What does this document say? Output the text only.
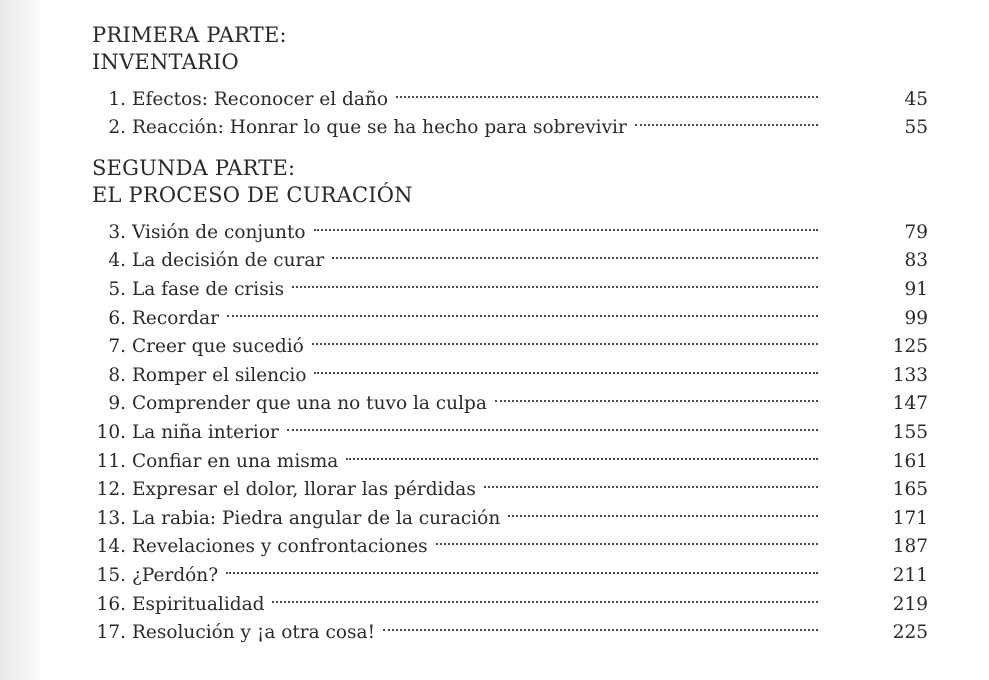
PRIMERA PARTE:
INVENTARIO
1. Efectos: Reconocer el daño	45
2. Reacción: Honrar lo que se ha hecho para sobrevivir	55
SEGUNDA PARTE:
EL PROCESO DE CURACIÓN
3. Visión de conjunto	79
4. La decisión de curar	83
5. La fase de crisis	91
6. Recordar	99
7. Creer que sucedió	125
8. Romper el silencio	133
9. Comprender que una no tuvo la culpa	147
10. La niña interior	155
11. Confiar en una misma	161
12. Expresar el dolor, llorar las pérdidas	165
13. La rabia: Piedra angular de la curación	171
14. Revelaciones y confrontaciones	187
15. ¿Perdón?	211
16. Espiritualidad	219
17. Resolución y ¡a otra cosa!	225
